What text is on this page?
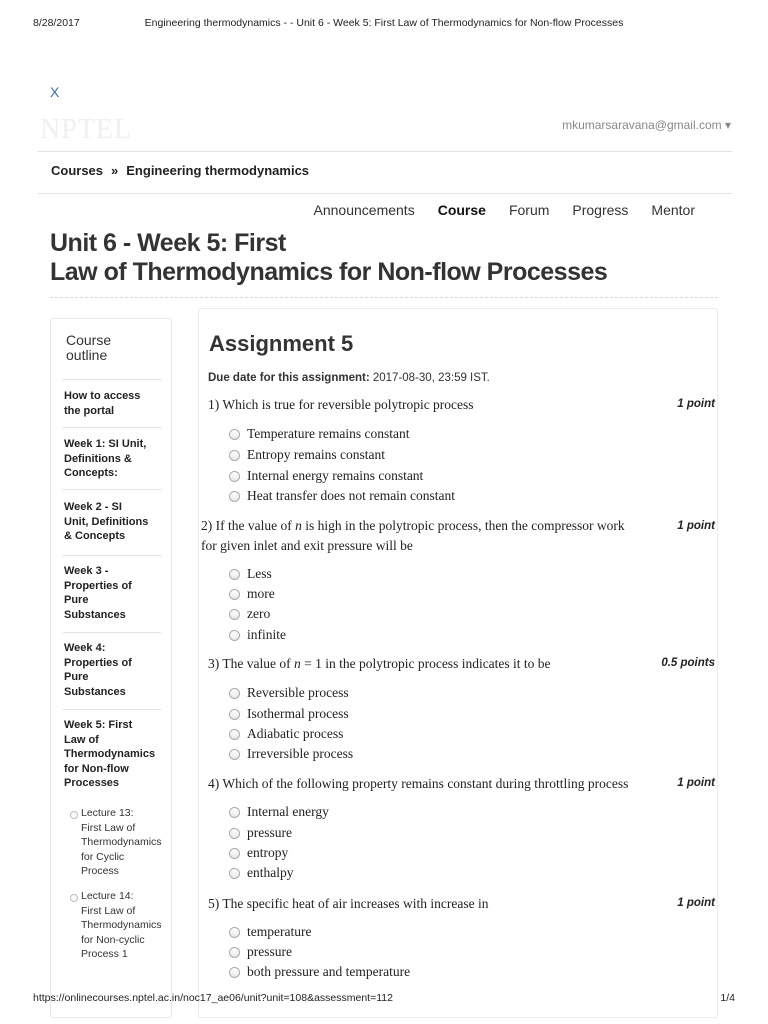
8/28/2017	Engineering thermodynamics - - Unit 6 - Week 5: First Law of Thermodynamics for Non-flow Processes
X
NPTEL	mkumarsaravana@gmail.com ▾
Courses » Engineering thermodynamics
Announcements Course Forum Progress Mentor
Unit 6 - Week 5: First
Law of Thermodynamics for Non-flow Processes
Course
outline
How to access
the portal
Week 1: SI Unit,
Definitions &
Concepts:
Week 2 - SI
Unit, Definitions
& Concepts
Week 3 -
Properties of
Pure
Substances
Week 4:
Properties of
Pure
Substances
Week 5: First
Law of
Thermodynamics
for Non-flow
Processes
Lecture 13:
First Law of
Thermodynamics
for Cyclic
Process
Lecture 14:
First Law of
Thermodynamics
for Non-cyclic
Process 1
Assignment 5
Due date for this assignment: 2017-08-30, 23:59 IST.
1) Which is true for reversible polytropic process	1 point
Temperature remains constant
Entropy remains constant
Internal energy remains constant
Heat transfer does not remain constant
2) If the value of n is high in the polytropic process, then the compressor work
for given inlet and exit pressure will be
1 point
Less
more
zero
infinite
3) The value of n = 1 in the polytropic process indicates it to be	0.5 points
Reversible process
Isothermal process
Adiabatic process
Irreversible process
4) Which of the following property remains constant during throttling process	1 point
Internal energy
pressure
entropy
enthalpy
5) The specific heat of air increases with increase in	1 point
temperature
pressure
both pressure and temperature
https://onlinecourses.nptel.ac.in/noc17_ae06/unit?unit=108&assessment=112	1/4
